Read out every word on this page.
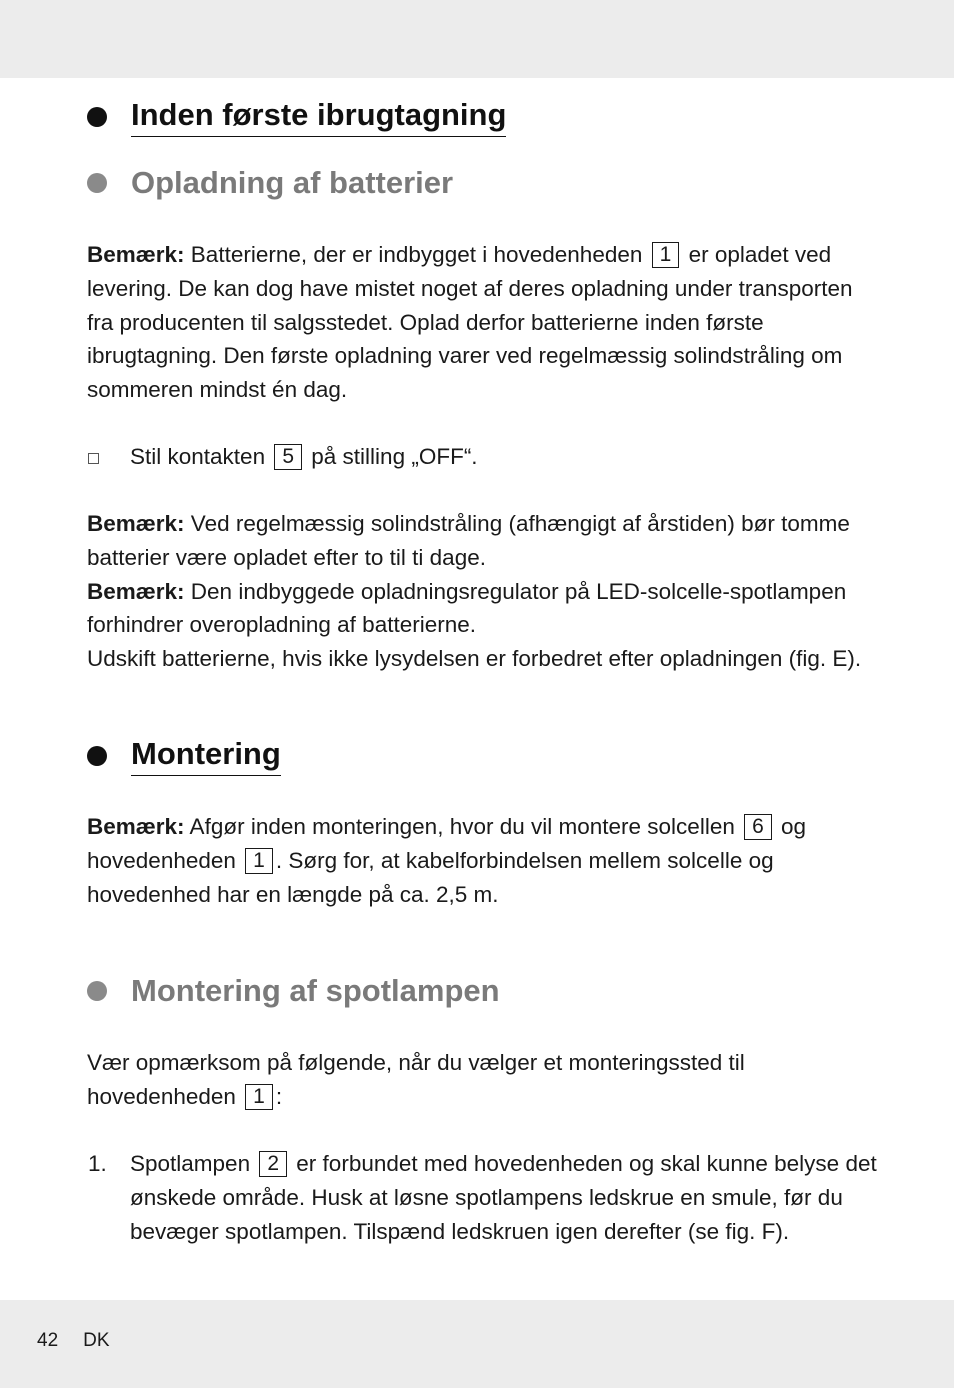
Inden første ibrugtagning
Opladning af batterier

Bemærk: Batterierne, der er indbygget i hovedenheden 1 er opladet ved levering. De kan dog have mistet noget af deres opladning under transporten fra producenten til salgsstedet. Oplad derfor batterierne inden første ibrugtagning. Den første opladning varer ved regelmæssig solindstråling om sommeren mindst én dag.

Stil kontakten 5 på stilling „OFF“.

Bemærk: Ved regelmæssig solindstråling (afhængigt af årstiden) bør tomme batterier være opladet efter to til ti dage.

Bemærk: Den indbyggede opladningsregulator på LED-solcelle-spotlampen forhindrer overopladning af batterierne.

Udskift batterierne, hvis ikke lysydelsen er forbedret efter opladningen (fig. E).

Montering

Bemærk: Afgør inden monteringen, hvor du vil montere solcellen 6 og hovedenheden 1 . Sørg for, at kabelforbindelsen mellem solcelle og hovedenhed har en længde på ca. 2,5 m.

Montering af spotlampen

Vær opmærksom på følgende, når du vælger et monteringssted til hovedenheden 1 :

1. Spotlampen 2 er forbundet med hovedenheden og skal kunne belyse det ønskede område. Husk at løsne spotlampens ledskrue en smule, før du bevæger spotlampen. Tilspænd ledskruen igen derefter (se fig. F).
42 DK
